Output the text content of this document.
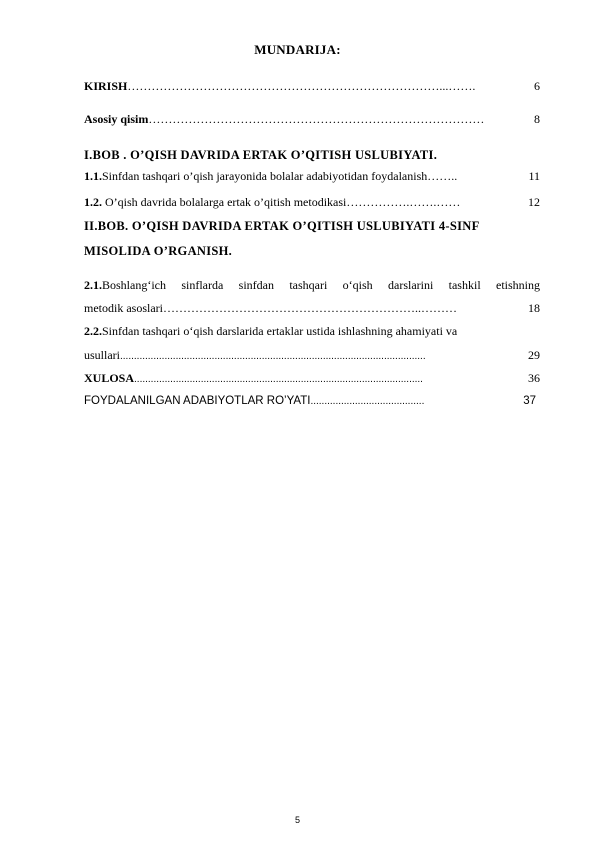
MUNDARIJA:
KIRISH ……………………………………………………………………...…….	6
Asosiy qisim …………………………………………………………………………	8
I.BOB . O’QISH DAVRIDA ERTAK O’QITISH USLUBIYATI.
1.1.Sinfdan tashqari o’qish jarayonida bolalar adabiyotidan foydalanish ……..	11
1.2. O’qish davrida bolalarga ertak o’qitish metodikasi …………….…….……	12
II.BOB. O’QISH DAVRIDA ERTAK O’QITISH USLUBIYATI 4-SINF
MISOLIDA O’RGANISH.
2.1.Boshlang‘ich sinflarda sinfdan tashqari o‘qish darslarini tashkil etishning
metodik asoslari ………………………………………………………..………	18
2.2.Sinfdan tashqari o‘qish darslarida ertaklar ustida ishlashning ahamiyati va
usullari ..............................................................................................................	29
XULOSA ........................................................................................................	36
FOYDALANILGAN ADABIYOTLAR RO’YATI .........................................	37
5
